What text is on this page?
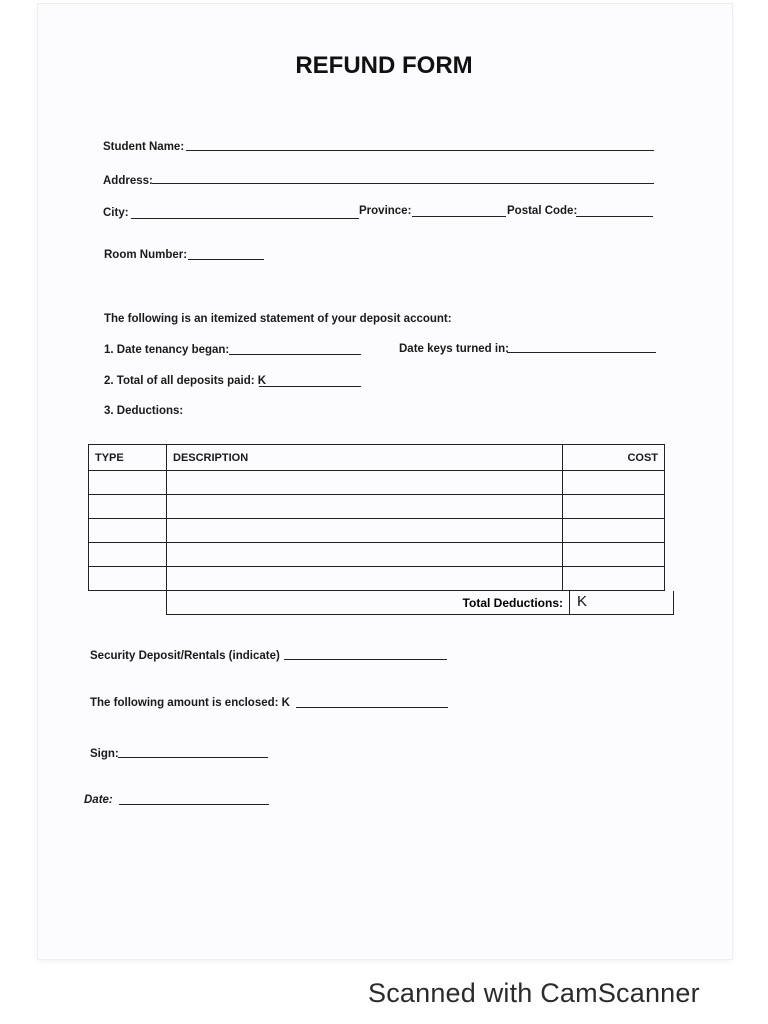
REFUND FORM
Student Name:
Address:
City:	Province:	Postal Code:
Room Number:
The following is an itemized statement of your deposit account:
1. Date tenancy began:	Date keys turned in:
2. Total of all deposits paid: K
3. Deductions:
TYPE	DESCRIPTION	COST

Total Deductions: K
Security Deposit/Rentals (indicate)
The following amount is enclosed: K
Sign:
Date:
Scanned with CamScanner
